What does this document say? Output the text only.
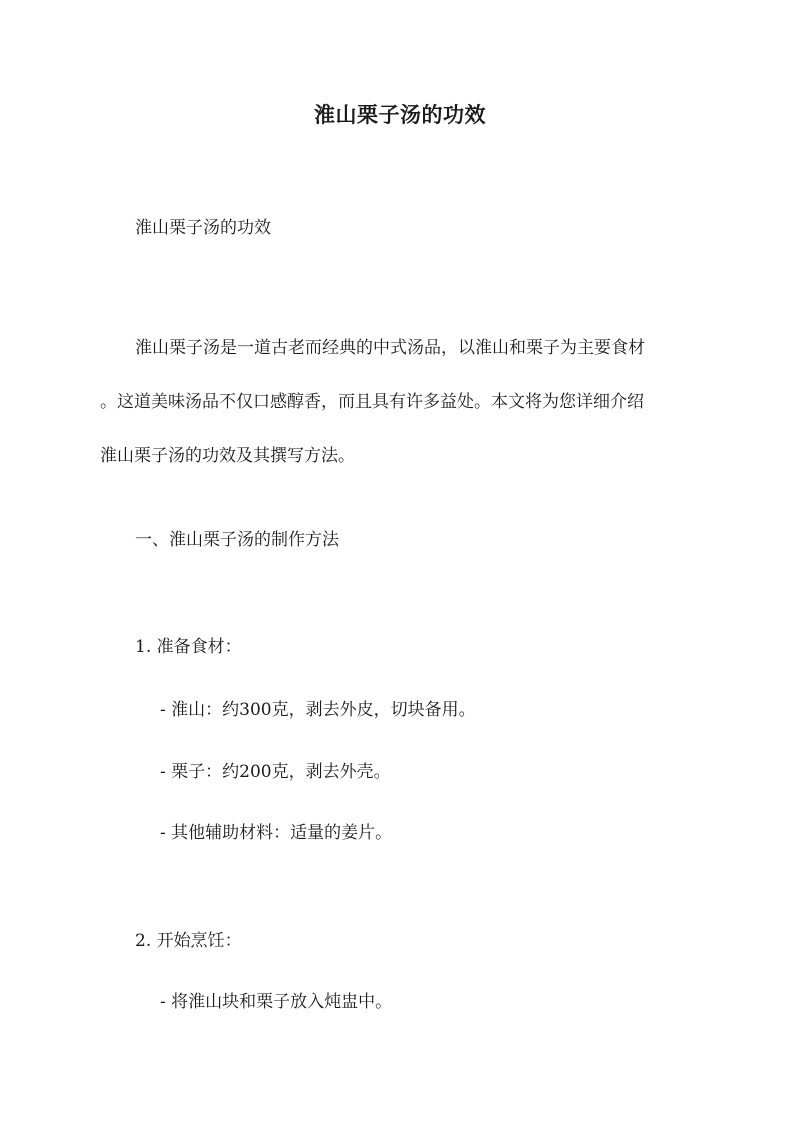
淮山栗子汤的功效
淮山栗子汤的功效
淮山栗子汤是一道古老而经典的中式汤品，以淮山和栗子为主要食材
。这道美味汤品不仅口感醇香，而且具有许多益处。本文将为您详细介绍
淮山栗子汤的功效及其撰写方法。
一、淮山栗子汤的制作方法
1. 准备食材：
- 淮山：约300克，剥去外皮，切块备用。
- 栗子：约200克，剥去外壳。
- 其他辅助材料：适量的姜片。
2. 开始烹饪：
- 将淮山块和栗子放入炖盅中。
